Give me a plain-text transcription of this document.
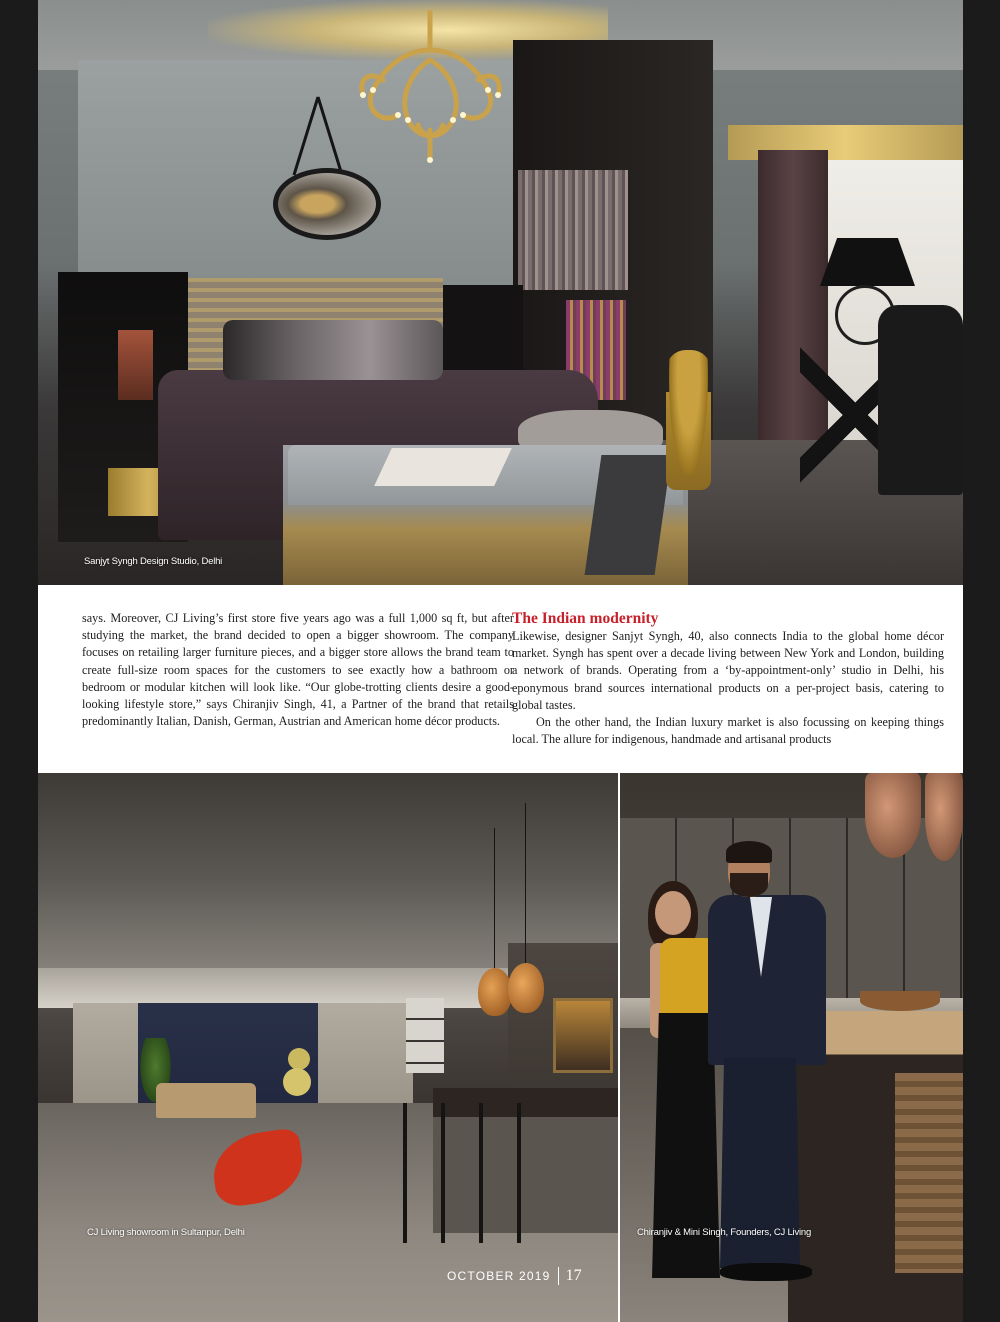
Sanjyt Syngh Design Studio, Delhi

says. Moreover, CJ Living’s first store five years ago was a full 1,000 sq ft, but after studying the market, the brand decided to open a bigger showroom. The company focuses on retailing larger furniture pieces, and a bigger store allows the brand team to create full-size room spaces for the customers to see exactly how a bathroom or bedroom or modular kitchen will look like. “Our globe-trotting clients desire a good-looking lifestyle store,” says Chiranjiv Singh, 41, a Partner of the brand that retails predominantly Italian, Danish, German, Austrian and American home décor products.

The Indian modernity

Likewise, designer Sanjyt Syngh, 40, also connects India to the global home décor market. Syngh has spent over a decade living between New York and London, building a network of brands. Operating from a ‘by-appointment-only’ studio in Delhi, his eponymous brand sources international products on a per-project basis, catering to global tastes.

On the other hand, the Indian luxury market is also focussing on keeping things local. The allure for indigenous, handmade and artisanal products

CJ Living showroom in Sultanpur, Delhi	Chiranjiv & Mini Singh, Founders, CJ Living
OCTOBER 2019 17
